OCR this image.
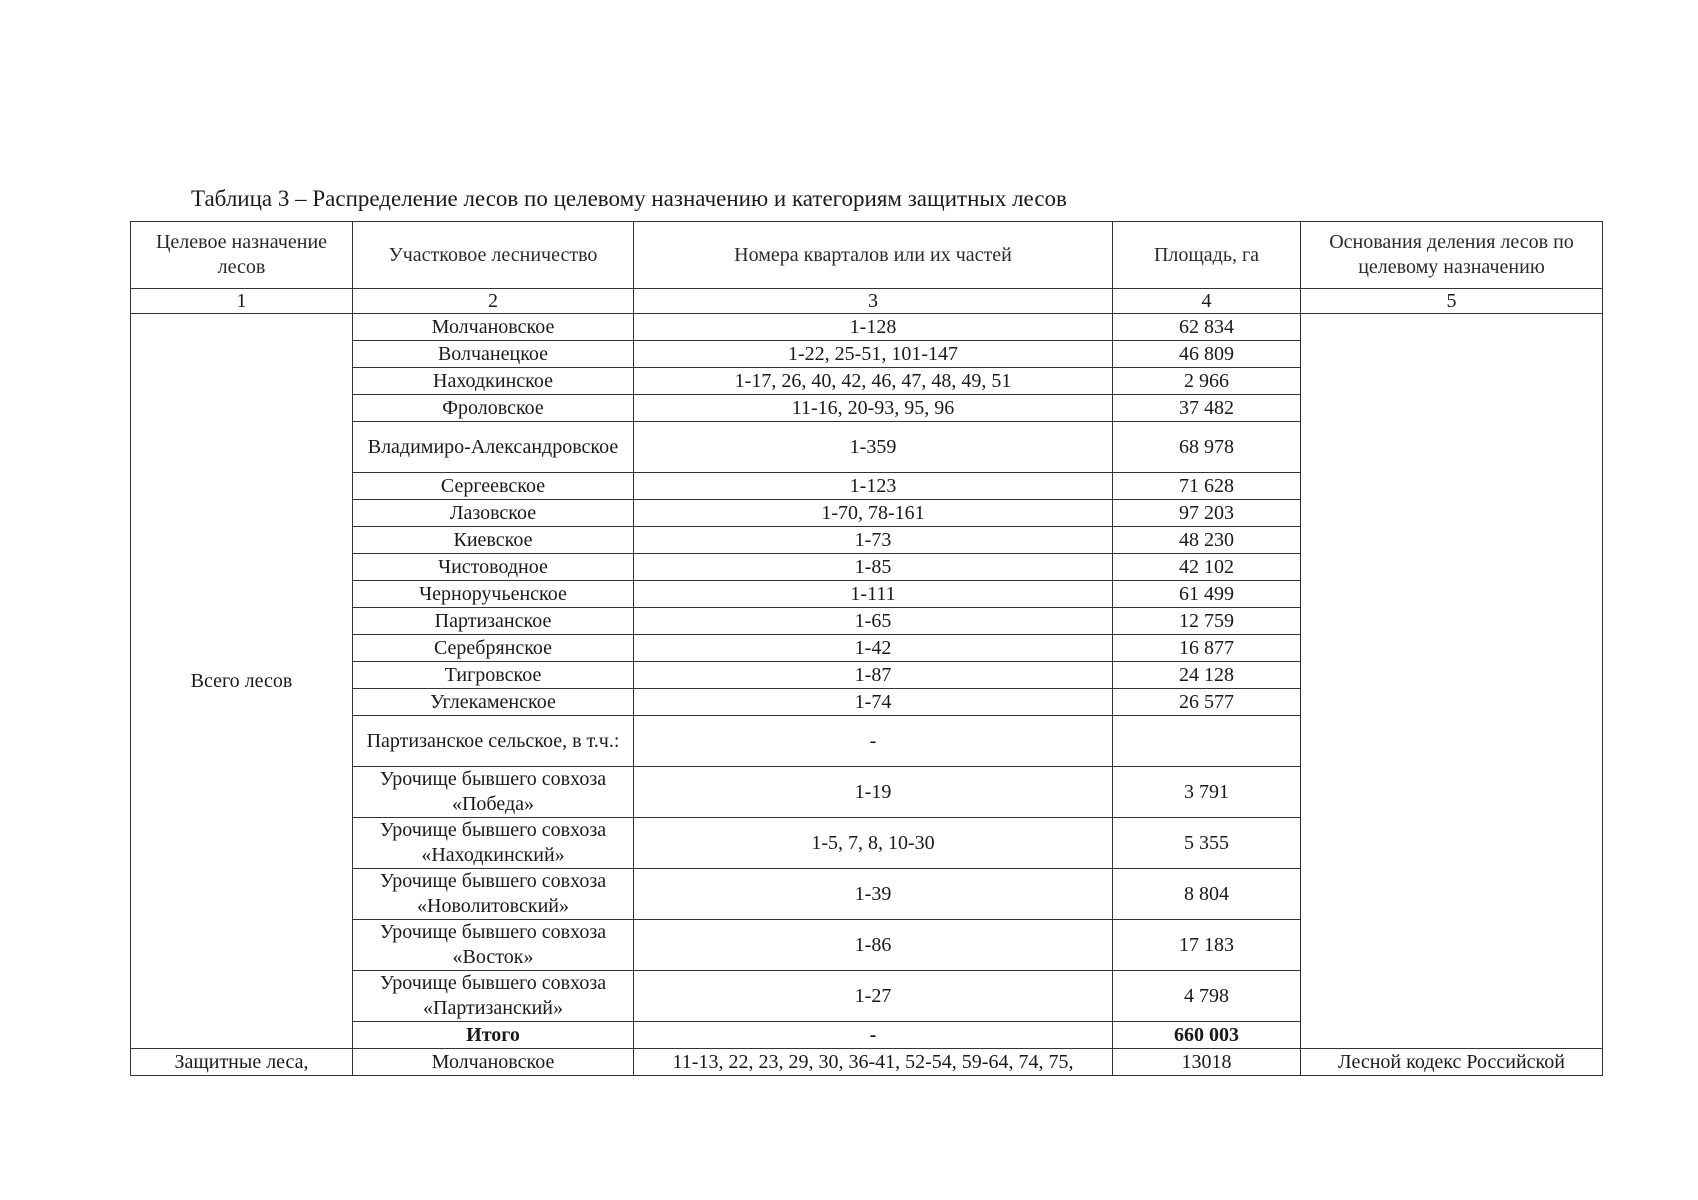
Таблица 3 – Распределение лесов по целевому назначению и категориям защитных лесов
Целевое назначение лесов	Участковое лесничество	Номера кварталов или их частей	Площадь, га	Основания деления лесов по целевому назначению
1	2	3	4	5
Всего лесов	Молчановское	1-128	62 834	
	Волчанецкое	1-22, 25-51, 101-147	46 809	
	Находкинское	1-17, 26, 40, 42, 46, 47, 48, 49, 51	2 966	
	Фроловское	11-16, 20-93, 95, 96	37 482	
	Владимиро-Александровское	1-359	68 978	
	Сергеевское	1-123	71 628	
	Лазовское	1-70, 78-161	97 203	
	Киевское	1-73	48 230	
	Чистоводное	1-85	42 102	
	Черноручьенское	1-111	61 499	
	Партизанское	1-65	12 759	
	Серебрянское	1-42	16 877	
	Тигровское	1-87	24 128	
	Углекаменское	1-74	26 577	
	Партизанское сельское, в т.ч.:	-		
	Урочище бывшего совхоза «Победа»	1-19	3 791	
	Урочище бывшего совхоза «Находкинский»	1-5, 7, 8, 10-30	5 355	
	Урочище бывшего совхоза «Новолитовский»	1-39	8 804	
	Урочище бывшего совхоза «Восток»	1-86	17 183	
	Урочище бывшего совхоза «Партизанский»	1-27	4 798	
	Итого	-	660 003	
Защитные леса,	Молчановское	11-13, 22, 23, 29, 30, 36-41, 52-54, 59-64, 74, 75,	13018	Лесной кодекс Российской
